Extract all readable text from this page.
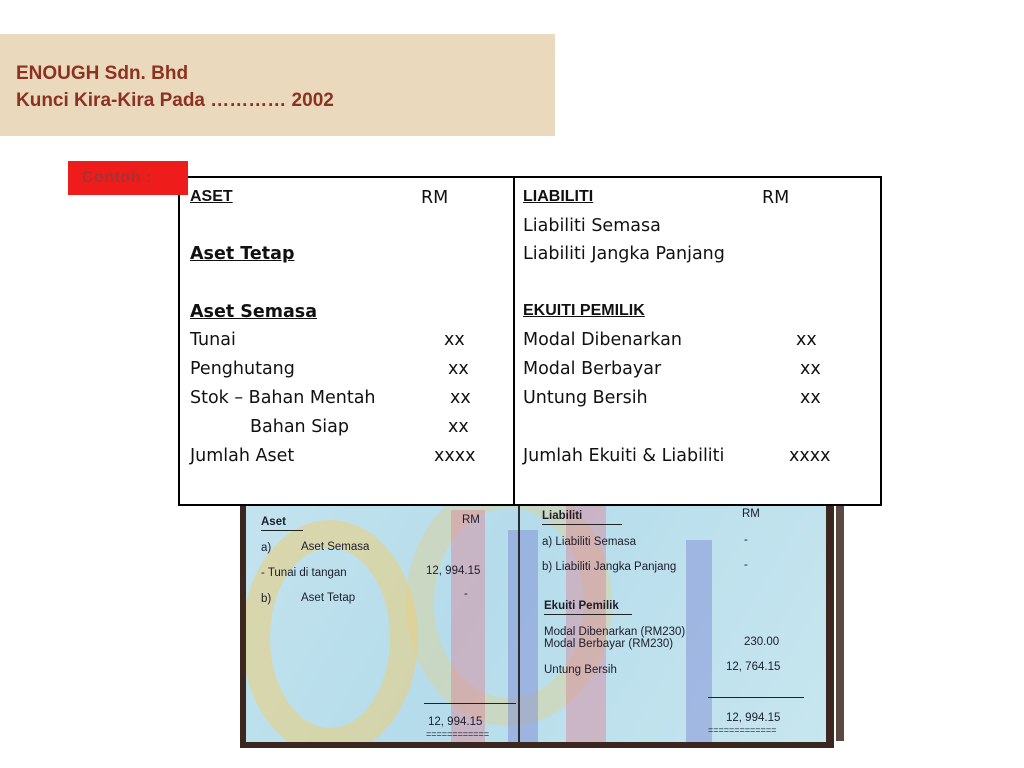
ENOUGH Sdn. Bhd
Kunci Kira-Kira Pada ………… 2002
Contoh :
ASET	RM
Aset Tetap
Aset Semasa
Tunai	xx
Penghutang	xx
Stok – Bahan Mentah	xx
Bahan Siap	xx
Jumlah Aset	xxxx
LIABILITI	RM
Liabiliti Semasa
Liabiliti Jangka Panjang
EKUITI PEMILIK
Modal Dibenarkan	xx
Modal Berbayar	xx
Untung Bersih	xx
Jumlah Ekuiti & Liabiliti	xxxx
Aset	RM
a)	Aset Semasa
- Tunai di tangan	12, 994.15
b)	Aset Tetap	-
12, 994.15
============
Liabiliti	RM
a) Liabiliti Semasa	-
b) Liabiliti Jangka Panjang	-
Ekuiti Pemilik
Modal Dibenarkan (RM230)
Modal Berbayar (RM230)	230.00
Untung Bersih	12, 764.15
12, 994.15
=============
